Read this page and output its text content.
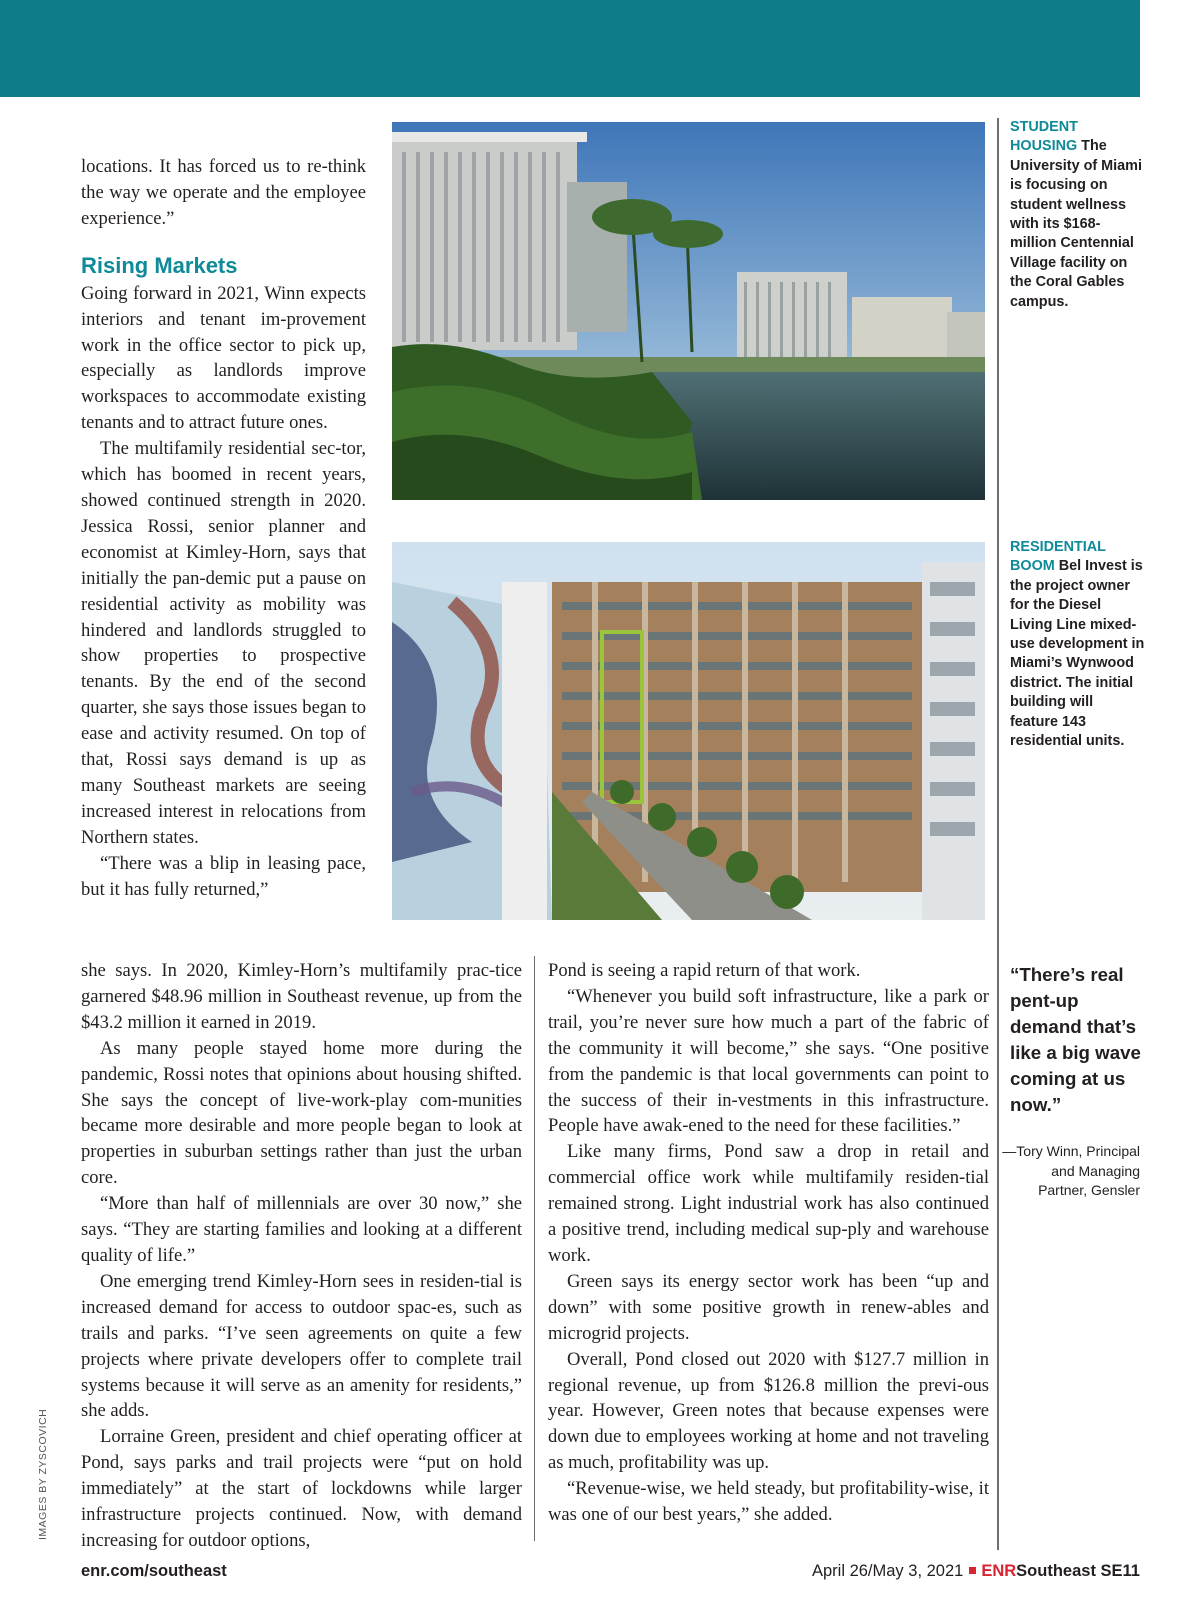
STUDENT HOUSING The University of Miami is focusing on student wellness with its $168-million Centennial Village facility on the Coral Gables campus.
RESIDENTIAL BOOM Bel Invest is the project owner for the Diesel Living Line mixed-use development in Miami’s Wynwood district. The initial building will feature 143 residential units.

locations. It has forced us to re-think the way we operate and the employee experience.”

Rising Markets

Going forward in 2021, Winn expects interiors and tenant im-provement work in the office sector to pick up, especially as landlords improve workspaces to accommodate existing tenants and to attract future ones.

The multifamily residential sec-tor, which has boomed in recent years, showed continued strength in 2020. Jessica Rossi, senior planner and economist at Kimley-Horn, says that initially the pan-demic put a pause on residential activity as mobility was hindered and landlords struggled to show properties to prospective tenants. By the end of the second quarter, she says those issues began to ease and activity resumed. On top of that, Rossi says demand is up as many Southeast markets are seeing increased interest in relocations from Northern states.

“There was a blip in leasing pace, but it has fully returned,”

she says. In 2020, Kimley-Horn’s multifamily prac-tice garnered $48.96 million in Southeast revenue, up from the $43.2 million it earned in 2019.

As many people stayed home more during the pandemic, Rossi notes that opinions about housing shifted. She says the concept of live-work-play com-munities became more desirable and more people began to look at properties in suburban settings rather than just the urban core.

“More than half of millennials are over 30 now,” she says. “They are starting families and looking at a different quality of life.”

One emerging trend Kimley-Horn sees in residen-tial is increased demand for access to outdoor spac-es, such as trails and parks. “I’ve seen agreements on quite a few projects where private developers offer to complete trail systems because it will serve as an amenity for residents,” she adds.

Lorraine Green, president and chief operating officer at Pond, says parks and trail projects were “put on hold immediately” at the start of lockdowns while larger infrastructure projects continued. Now, with demand increasing for outdoor options,

Pond is seeing a rapid return of that work.

“Whenever you build soft infrastructure, like a park or trail, you’re never sure how much a part of the fabric of the community it will become,” she says. “One positive from the pandemic is that local governments can point to the success of their in-vestments in this infrastructure. People have awak-ened to the need for these facilities.”

Like many firms, Pond saw a drop in retail and commercial office work while multifamily residen-tial remained strong. Light industrial work has also continued a positive trend, including medical sup-ply and warehouse work.

Green says its energy sector work has been “up and down” with some positive growth in renew-ables and microgrid projects.

Overall, Pond closed out 2020 with $127.7 million in regional revenue, up from $126.8 million the previ-ous year. However, Green notes that because expenses were down due to employees working at home and not traveling as much, profitability was up.

“Revenue-wise, we held steady, but profitability-wise, it was one of our best years,” she added.

“There’s real pent-up demand that’s like a big wave coming at us now.”
—Tory Winn, Principal and Managing Partner, Gensler
IMAGES BY ZYSCOVICH
enr.com/southeast	April 26/May 3, 2021 ENRSoutheast SE11
